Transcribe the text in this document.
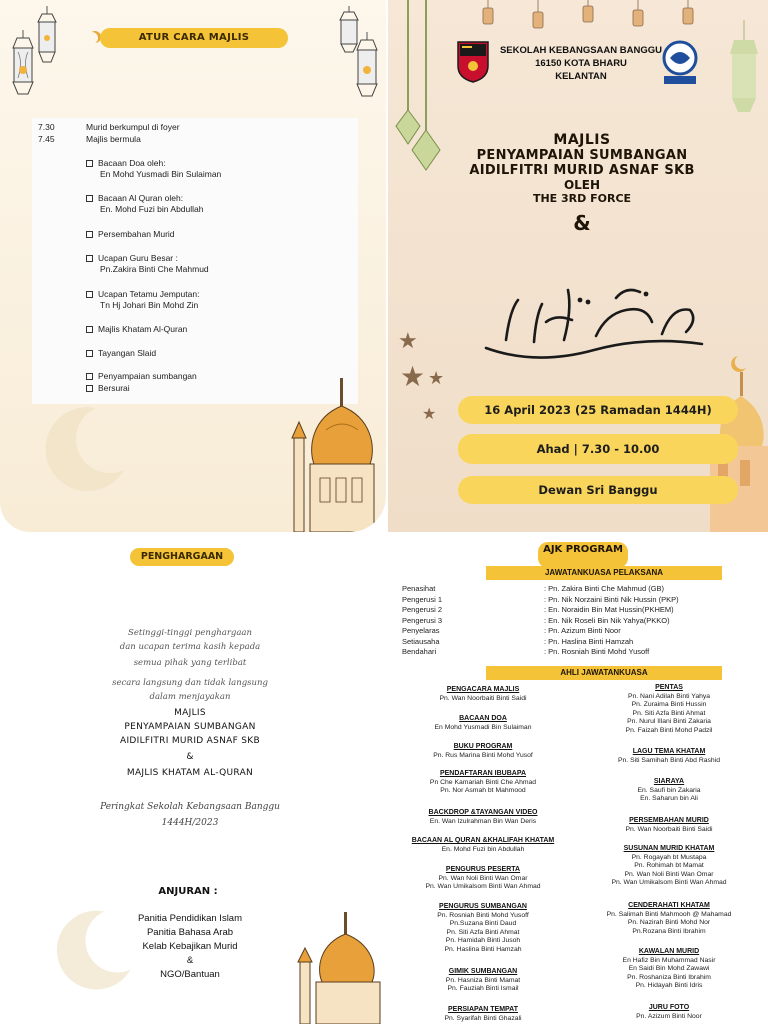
ATUR CARA MAJLIS
7.30	Murid berkumpul di foyer
7.45	Majlis bermula
Bacaan Doa oleh:
En Mohd Yusmadi Bin Sulaiman
Bacaan Al Quran oleh:
En. Mohd Fuzi bin Abdullah
Persembahan Murid
Ucapan Guru Besar :
Pn.Zakira Binti Che Mahmud
Ucapan Tetamu Jemputan:
Tn Hj Johari Bin Mohd Zin
Majlis Khatam Al-Quran
Tayangan Slaid
Penyampaian sumbangan
Bersurai
SEKOLAH KEBANGSAAN BANGGU
16150 KOTA BHARU
KELANTAN
MAJLIS
PENYAMPAIAN SUMBANGAN
AIDILFITRI MURID ASNAF SKB
OLEH
THE 3RD FORCE
&
★
★ ★
★	16 April 2023 (25 Ramadan 1444H)
Ahad | 7.30 - 10.00
Dewan Sri Banggu
PENGHARGAAN
Setinggi-tinggi penghargaan
dan ucapan terima kasih kepada
semua pihak yang terlibat
secara langsung dan tidak langsung
dalam menjayakan
MAJLIS
PENYAMPAIAN SUMBANGAN
AIDILFITRI MURID ASNAF SKB
&
MAJLIS KHATAM AL-QURAN
Peringkat Sekolah Kebangsaan Banggu
1444H/2023
ANJURAN :
Panitia Pendidikan Islam
Panitia Bahasa Arab
Kelab Kebajikan Murid
&
NGO/Bantuan
AJK PROGRAM
JAWATANKUASA PELAKSANA
Penasihat	: Pn. Zakira Binti Che Mahmud (GB)
Pengerusi 1	: Pn. Nik Norzaini Binti Nik Hussin (PKP)
Pengerusi 2	: En. Noraidin Bin Mat Hussin(PKHEM)
Pengerusi 3	: En. Nik Roseli Bin Nik Yahya(PKKO)
Penyelaras	: Pn. Azizum Binti Noor
Setiausaha	: Pn. Haslina Binti Hamzah
Bendahari	: Pn. Rosniah Binti Mohd Yusoff
AHLI JAWATANKUASA
PENGACARA MAJLIS
Pn. Wan Noorbaiti Binti Saidi
BACAAN DOA
En Mohd Yusmadi Bin Sulaiman
BUKU PROGRAM
Pn. Rus Marina Binti Mohd Yusof
PENDAFTARAN IBUBAPA
Pn Che Kamariah Binti Che Ahmad
Pn. Nor Asmah bt Mahmood
BACKDROP &TAYANGAN VIDEO
En. Wan Izulrahman Bin Wan Deris
BACAAN AL QURAN &KHALIFAH KHATAM
En. Mohd Fuzi bin Abdullah
PENGURUS PESERTA
Pn. Wan Noli Binti Wan Omar
Pn. Wan Umikalsom Binti Wan Ahmad
PENGURUS SUMBANGAN
Pn. Rosniah Binti Mohd Yusoff
Pn.Suzana Binti Daud
Pn. Siti Azfa Binti Ahmat
Pn. Hamidah Binti Jusoh
Pn. Haslina Binti Hamzah
GIMIK SUMBANGAN
Pn. Hasniza Binti Mamat
Pn. Fauziah Binti Ismail
PERSIAPAN TEMPAT
Pn. Syarifah Binti Ghazali
PENTAS
Pn. Nani Adilah Binti Yahya
Pn. Zuraima Binti Hussin
Pn. Siti Azfa Binti Ahmat
Pn. Nurul Illani Binti Zakaria
Pn. Faizah Binti Mohd Padzil
LAGU TEMA KHATAM
Pn. Siti Samihah Binti Abd Rashid
SIARAYA
En. Saufi bin Zakaria
En. Saharun bin Ali
PERSEMBAHAN MURID
Pn. Wan Noorbaiti Binti Saidi
SUSUNAN MURID KHATAM
Pn. Rogayah bt Mustapa
Pn. Rohimah bt Mamat
Pn. Wan Noli Binti Wan Omar
Pn. Wan Umikalsom Binti Wan Ahmad
CENDERAHATI KHATAM
Pn. Salimah Binti Mahmooh @ Mahamad
Pn. Nazirah Binti Mohd Nor
Pn.Rozana Binti Ibrahim
KAWALAN MURID
En Hafiz Bin Muhammad Nasir
En Saidi Bin Mohd Zawawi
Pn. Roshaniza Binti Ibrahim
Pn. Hidayah Binti Idris
JURU FOTO
Pn. Azizum Binti Noor
